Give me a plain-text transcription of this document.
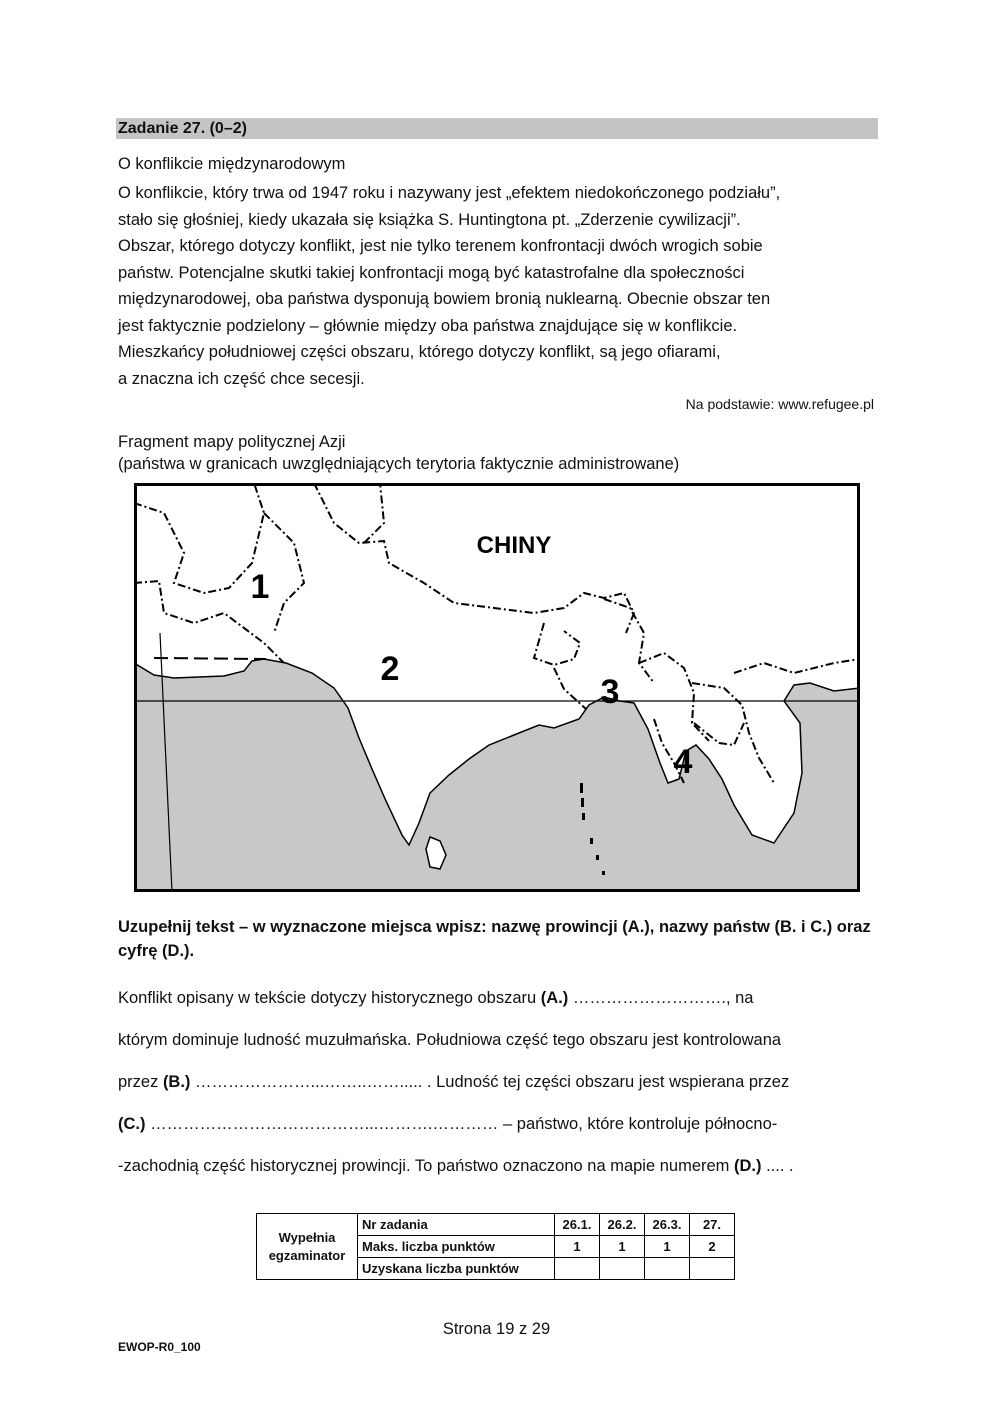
Zadanie 27. (0–2)
O konflikcie międzynarodowym
O konflikcie, który trwa od 1947 roku i nazywany jest „efektem niedokończonego podziału”,
stało się głośniej, kiedy ukazała się książka S. Huntingtona pt. „Zderzenie cywilizacji”.
Obszar, którego dotyczy konflikt, jest nie tylko terenem konfrontacji dwóch wrogich sobie
państw. Potencjalne skutki takiej konfrontacji mogą być katastrofalne dla społeczności
międzynarodowej, oba państwa dysponują bowiem bronią nuklearną. Obecnie obszar ten
jest faktycznie podzielony – głównie między oba państwa znajdujące się w konflikcie.
Mieszkańcy południowej części obszaru, którego dotyczy konflikt, są jego ofiarami,
a znaczna ich część chce secesji.
Na podstawie: www.refugee.pl
Fragment mapy politycznej Azji
(państwa w granicach uwzględniających terytoria faktycznie administrowane)
CHINY
1
2
3
4
Uzupełnij tekst – w wyznaczone miejsca wpisz: nazwę prowincji (A.), nazwy państw (B. i C.) oraz cyfrę (D.).
Konflikt opisany w tekście dotyczy historycznego obszaru (A.) ………………………., na
którym dominuje ludność muzułmańska. Południowa część tego obszaru jest kontrolowana
przez (B.) …………………...……..……..... . Ludność tej części obszaru jest wspierana przez
(C.) …………………………………...……….………… – państwo, które kontroluje północno-
-zachodnią część historycznej prowincji. To państwo oznaczono na mapie numerem (D.) .... .
Wypełnia egzaminator	Nr zadania	26.1.	26.2.	26.3.	27.
	Maks. liczba punktów	1	1	1	2
	Uzyskana liczba punktów				
Strona 19 z 29
EWOP-R0_100
